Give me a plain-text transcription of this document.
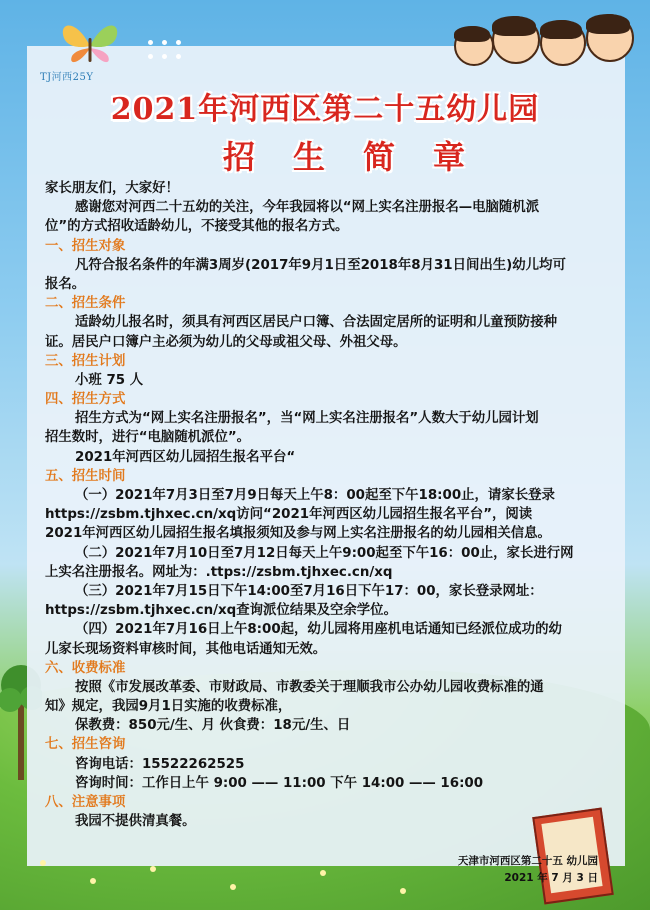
TJ河西25Y
2021年河西区第二十五幼儿园
招生简章
家长朋友们，大家好！
感谢您对河西二十五幼的关注，今年我园将以“网上实名注册报名—电脑随机派
位”的方式招收适龄幼儿，不接受其他的报名方式。
一、招生对象
凡符合报名条件的年满3周岁(2017年9月1日至2018年8月31日间出生)幼儿均可
报名。
二、招生条件
适龄幼儿报名时，须具有河西区居民户口簿、合法固定居所的证明和儿童预防接种
证。居民户口簿户主必须为幼儿的父母或祖父母、外祖父母。
三、招生计划
小班 75 人
四、招生方式
招生方式为“网上实名注册报名”，当“网上实名注册报名”人数大于幼儿园计划
招生数时，进行“电脑随机派位”。
2021年河西区幼儿园招生报名平台“
五、招生时间
（一）2021年7月3日至7月9日每天上午8：00起至下午18:00止，请家长登录
https://zsbm.tjhxec.cn/xq访问“2021年河西区幼儿园招生报名平台”，阅读
2021年河西区幼儿园招生报名填报须知及参与网上实名注册报名的幼儿园相关信息。
（二）2021年7月10日至7月12日每天上午9:00起至下午16：00止，家长进行网
上实名注册报名。网址为：.ttps://zsbm.tjhxec.cn/xq
（三）2021年7月15日下午14:00至7月16日下午17：00，家长登录网址：
https://zsbm.tjhxec.cn/xq查询派位结果及空余学位。
（四）2021年7月16日上午8:00起，幼儿园将用座机电话通知已经派位成功的幼
儿家长现场资料审核时间，其他电话通知无效。
六、收费标准
按照《市发展改革委、市财政局、市教委关于理顺我市公办幼儿园收费标准的通
知》规定，我园9月1日实施的收费标准，
保教费：850元/生、月 伙食费：18元/生、日
七、招生咨询
咨询电话：15522262525
咨询时间：工作日上午 9:00 —— 11:00 下午 14:00 —— 16:00
八、注意事项
我园不提供清真餐。
天津市河西区第二十五 幼儿园
2021 年 7 月 3 日
